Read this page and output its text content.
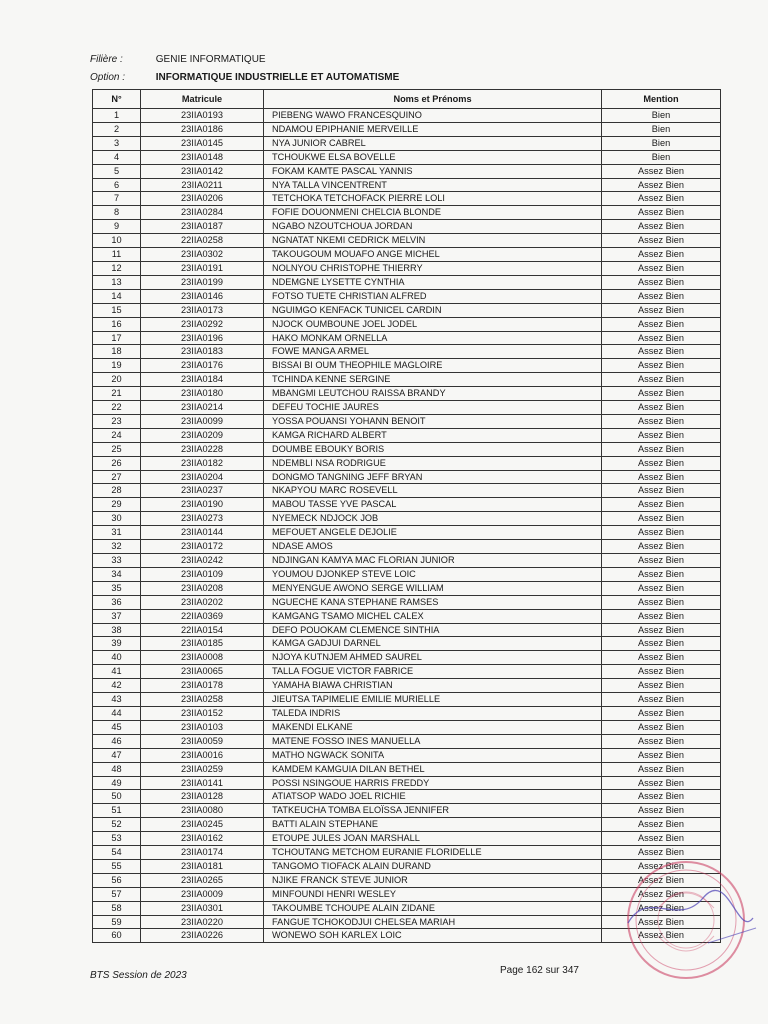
Filière :	GENIE INFORMATIQUE
Option :	INFORMATIQUE INDUSTRIELLE ET AUTOMATISME
N°	Matricule	Noms et Prénoms	Mention
1	23IIA0193	PIEBENG WAWO FRANCESQUINO	Bien
2	23IIA0186	NDAMOU EPIPHANIE MERVEILLE	Bien
3	23IIA0145	NYA JUNIOR CABREL	Bien
4	23IIA0148	TCHOUKWE ELSA BOVELLE	Bien
5	23IIA0142	FOKAM KAMTE PASCAL YANNIS	Assez Bien
6	23IIA0211	NYA TALLA VINCENTRENT	Assez Bien
7	23IIA0206	TETCHOKA TETCHOFACK PIERRE LOLI	Assez Bien
8	23IIA0284	FOFIE DOUONMENI CHELCIA BLONDE	Assez Bien
9	23IIA0187	NGABO NZOUTCHOUA JORDAN	Assez Bien
10	22IIA0258	NGNATAT NKEMI CEDRICK MELVIN	Assez Bien
11	23IIA0302	TAKOUGOUM MOUAFO ANGE MICHEL	Assez Bien
12	23IIA0191	NOLNYOU CHRISTOPHE THIERRY	Assez Bien
13	23IIA0199	NDEMGNE LYSETTE CYNTHIA	Assez Bien
14	23IIA0146	FOTSO TUETE CHRISTIAN ALFRED	Assez Bien
15	23IIA0173	NGUIMGO KENFACK TUNICEL CARDIN	Assez Bien
16	23IIA0292	NJOCK OUMBOUNE JOEL JODEL	Assez Bien
17	23IIA0196	HAKO MONKAM ORNELLA	Assez Bien
18	23IIA0183	FOWE MANGA ARMEL	Assez Bien
19	23IIA0176	BISSAI BI OUM THEOPHILE MAGLOIRE	Assez Bien
20	23IIA0184	TCHINDA KENNE SERGINE	Assez Bien
21	23IIA0180	MBANGMI LEUTCHOU RAISSA BRANDY	Assez Bien
22	23IIA0214	DEFEU TOCHIE JAURES	Assez Bien
23	23IIA0099	YOSSA POUANSI YOHANN BENOIT	Assez Bien
24	23IIA0209	KAMGA RICHARD ALBERT	Assez Bien
25	23IIA0228	DOUMBE EBOUKY BORIS	Assez Bien
26	23IIA0182	NDEMBLI NSA RODRIGUE	Assez Bien
27	23IIA0204	DONGMO TANGNING JEFF BRYAN	Assez Bien
28	23IIA0237	NKAPYOU MARC ROSEVELL	Assez Bien
29	23IIA0190	MABOU TASSE YVE PASCAL	Assez Bien
30	23IIA0273	NYEMECK NDJOCK JOB	Assez Bien
31	23IIA0144	MEFOUET ANGELE DEJOLIE	Assez Bien
32	23IIA0172	NDASE AMOS	Assez Bien
33	23IIA0242	NDJINGAN KAMYA MAC FLORIAN JUNIOR	Assez Bien
34	23IIA0109	YOUMOU DJONKEP STEVE LOIC	Assez Bien
35	23IIA0208	MENYENGUE AWONO SERGE WILLIAM	Assez Bien
36	23IIA0202	NGUECHE KANA STEPHANE RAMSES	Assez Bien
37	22IIA0369	KAMGANG TSAMO MICHEL CALEX	Assez Bien
38	22IIA0154	DEFO POUOKAM CLEMENCE SINTHIA	Assez Bien
39	23IIA0185	KAMGA GADJUI DARNEL	Assez Bien
40	23IIA0008	NJOYA KUTNJEM AHMED SAUREL	Assez Bien
41	23IIA0065	TALLA FOGUE VICTOR FABRICE	Assez Bien
42	23IIA0178	YAMAHA BIAWA CHRISTIAN	Assez Bien
43	23IIA0258	JIEUTSA TAPIMELIE EMILIE MURIELLE	Assez Bien
44	23IIA0152	TALEDA INDRIS	Assez Bien
45	23IIA0103	MAKENDI ELKANE	Assez Bien
46	23IIA0059	MATENE FOSSO INES MANUELLA	Assez Bien
47	23IIA0016	MATHO NGWACK SONITA	Assez Bien
48	23IIA0259	KAMDEM KAMGUIA DILAN BETHEL	Assez Bien
49	23IIA0141	POSSI NSINGOUE HARRIS FREDDY	Assez Bien
50	23IIA0128	ATIATSOP WADO JOEL RICHIE	Assez Bien
51	23IIA0080	TATKEUCHA TOMBA ELOÏSSA JENNIFER	Assez Bien
52	23IIA0245	BATTI ALAIN STEPHANE	Assez Bien
53	23IIA0162	ETOUPE JULES JOAN MARSHALL	Assez Bien
54	23IIA0174	TCHOUTANG METCHOM EURANIE FLORIDELLE	Assez Bien
55	23IIA0181	TANGOMO TIOFACK ALAIN DURAND	Assez Bien
56	23IIA0265	NJIKE FRANCK STEVE JUNIOR	Assez Bien
57	23IIA0009	MINFOUNDI HENRI WESLEY	Assez Bien
58	23IIA0301	TAKOUMBE TCHOUPE ALAIN ZIDANE	Assez Bien
59	23IIA0220	FANGUE TCHOKODJUI CHELSEA MARIAH	Assez Bien
60	23IIA0226	WONEWO SOH KARLEX LOIC	Assez Bien
BTS Session de 2023	Page 162 sur 347
